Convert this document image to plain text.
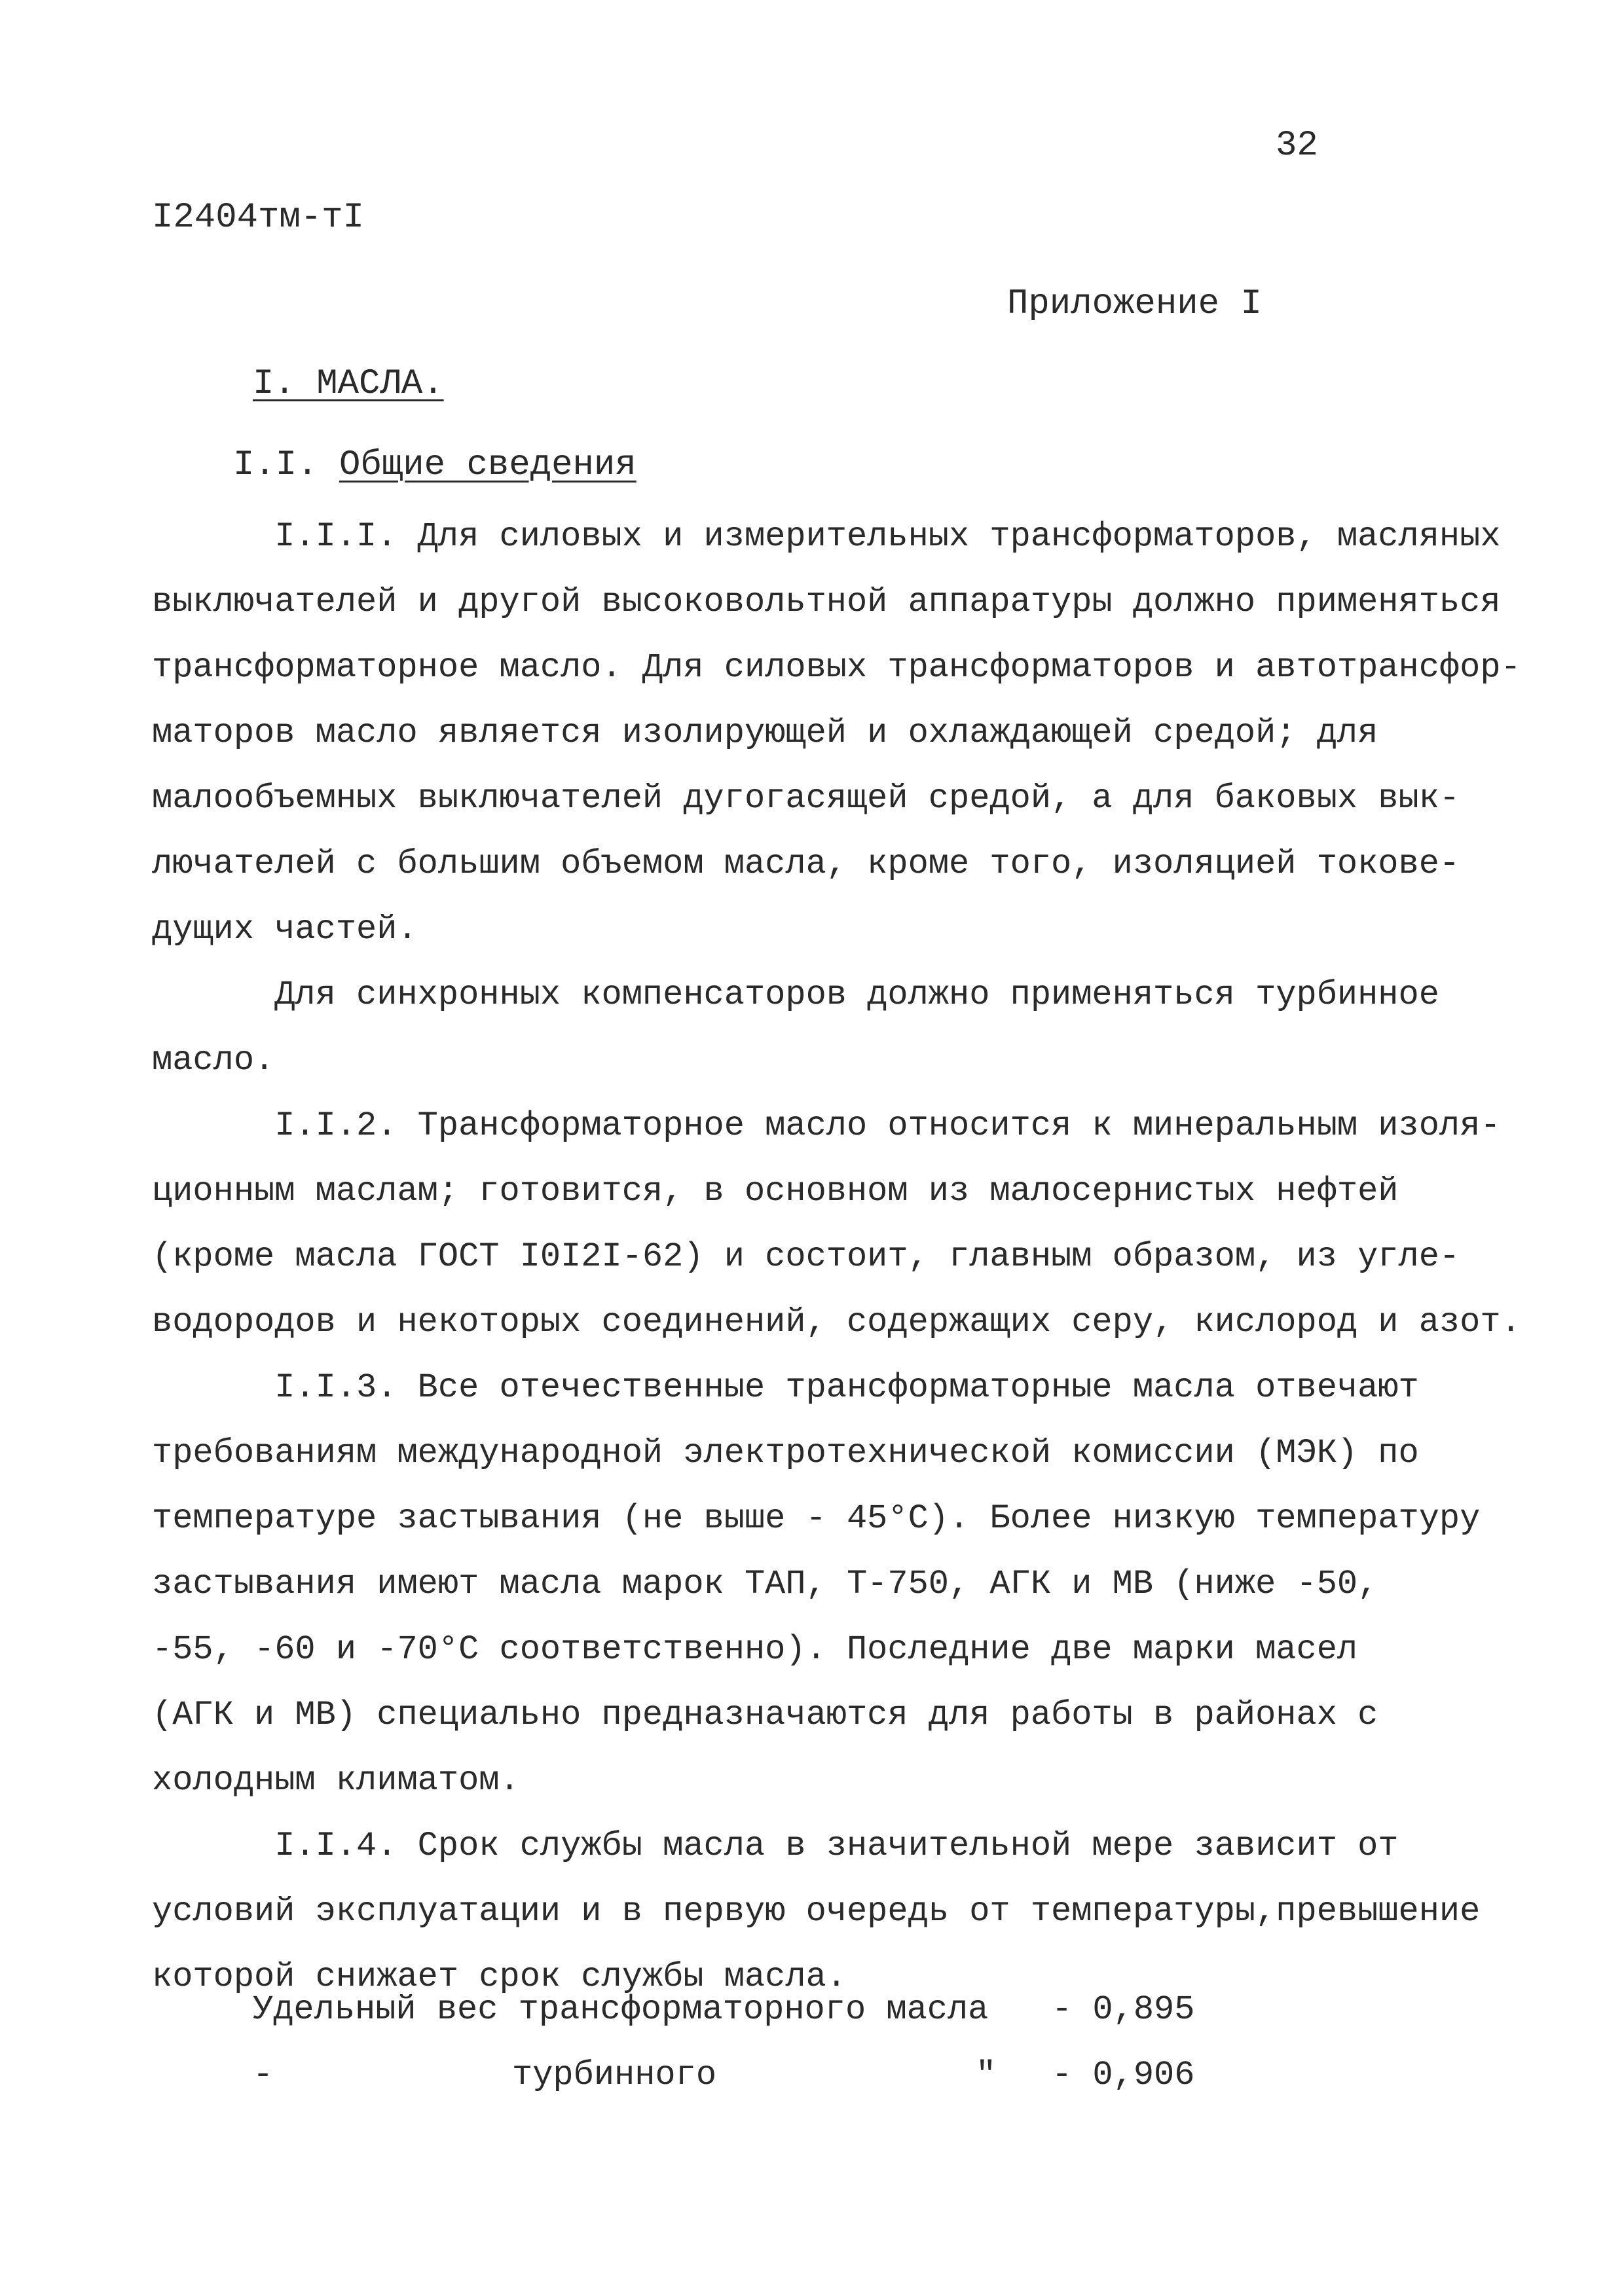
32
I2404тм-тI
Приложение I
I. МАСЛА.
I.I. Общие сведения
I.I.I. Для силовых и измерительных трансформаторов, масляных
выключателей и другой высоковольтной аппаратуры должно применяться
трансформаторное масло. Для силовых трансформаторов и автотрансфор-
маторов масло является изолирующей и охлаждающей средой; для
малообъемных выключателей дугогасящей средой, а для баковых вык-
лючателей с большим объемом масла, кроме того, изоляцией токове-
дущих частей.
Для синхронных компенсаторов должно применяться турбинное
масло.
I.I.2. Трансформаторное масло относится к минеральным изоля-
ционным маслам; готовится, в основном из малосернистых нефтей
(кроме масла ГОСТ I0I2I-62) и состоит, главным образом, из угле-
водородов и некоторых соединений, содержащих серу, кислород и азот.
I.I.3. Все отечественные трансформаторные масла отвечают
требованиям международной электротехнической комиссии (МЭК) по
температуре застывания (не выше - 45°С). Более низкую температуру
застывания имеют масла марок ТАП, Т-750, АГК и МВ (ниже -50,
-55, -60 и -70°С соответственно). Последние две марки масел
(АГК и МВ) специально предназначаются для работы в районах с
холодным климатом.
I.I.4. Срок службы масла в значительной мере зависит от
условий эксплуатации и в первую очередь от температуры,превышение
которой снижает срок службы масла.
Удельный вес трансформаторного масла - 0,895
-	турбинного	" - 0,906
